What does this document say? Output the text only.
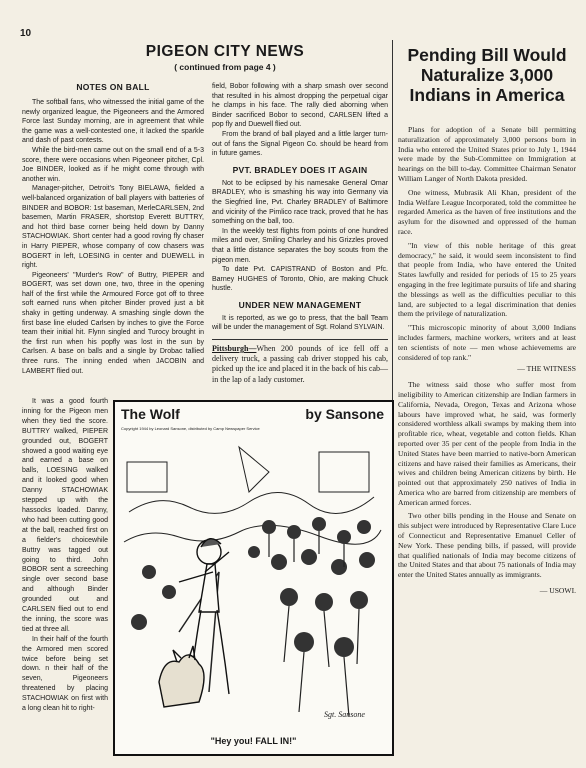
10
PIGEON CITY NEWS
( continued from page 4 )
NOTES ON BALL

The softball fans, who witnessed the initial game of the newly organized league, the Pigeoneers and the Armored Force last Sunday morning, are in agreement that while the game was a well-contested one, it lacked the sparkle and dash of past contests.

While the bird-men came out on the small end of a 5-3 score, there were occasions when Pigeoneer pitcher, Cpl. Joe BINDER, looked as if he might come through with another win.

Manager-pitcher, Detroit's Tony BIELAWA, fielded a well-balanced organization of ball players with batteries of BINDER and BOBOR: 1st baseman, MerleCARLSEN, 2nd basemen, Martin FRASER, shortstop Everett BUTTRY, and hot third base corner being held down by Danny STACHOWIAK. Short center had a good roving fly chaser in Harry PIEPER, whose company of cow chasers was BOGERT in left, LOESING in center and DUEWELL in right.

Pigeoneers' "Murder's Row" of Buttry, PIEPER and BOGERT, was set down one, two, three in the opening half of the first while the Armoured Force got off to three soft earned runs when pitcher Binder proved just a bit shaky in getting underway. A smashing single down the first base line eluded Carlsen by inches to give the Force team their initial hit. Flynn singled and Turocy brought in the first run when his popfly was lost in the sun by Carlsen. A base on balls and a single by Drobac tallied three runs. The inning ended when JACOBIN and LAMBERT flied out.

It was a good fourth inning for the Pigeon men when they tied the score. BUTTRY walked, PIEPER grounded out, BOGERT showed a good waiting eye and earned a base on balls, LOESING walked and it looked good when Danny STACHOWIAK stepped up with the hassocks loaded. Danny, who had been cutting good at the ball, reached first on a fielder's choicewhile Buttry was tagged out going to third. John BOBOR sent a screeching single over second base and although Binder grounded out and CARLSEN flied out to end the inning, the score was tied at three all.

In their half of the fourth the Armored men scored twice before being set down. n their half of the seven, Pigeoneers threatened by placing STACHOWIAK on first with a long clean hit to right-

field, Bobor following with a sharp smash over second that resulted in his almost dropping the perpetual cigar he clamps in his face. The rally died aborning when Binder sacrificed Bobor to second, CARLSEN lifted a pop fly and Duewell flied out.

From the brand of ball played and a little larger turn-out of fans the Signal Pigeon Co. should be heard from in future games.

PVT. BRADLEY DOES IT AGAIN

Not to be eclipsed by his namesake General Omar BRADLEY, who is smashing his way into Germany via the Siegfried line, Pvt. Charley BRADLEY of Baltimore and vicinity of the Pimlico race track, proved that he has something on the ball, too.

In the weekly test flights from points of one hundred miles and over, Smiling Charley and his Grizzles proved that a little distance separates the boy scouts from the pigeon men.

To date Pvt. CAPISTRAND of Boston and Pfc. Barney HUGHES of Toronto, Ohio, are making Chuck hustle.

UNDER NEW MANAGEMENT

It is reported, as we go to press, that the ball Team will be under the management of Sgt. Roland SYLVAIN.

Pittsburgh—When 200 pounds of ice fell off a delivery truck, a passing cab driver stopped his cab, picked up the ice and placed it in the back of his cab—in the lap of a lady customer.
The Wolf	by Sansone
Copyright 1944 by Leonard Sansone, distributed by Camp Newspaper Service
Sgt. Sansone
"Hey you! FALL IN!"
Pending Bill Would Naturalize 3,000 Indians in America

Plans for adoption of a Senate bill permitting naturalization of approximately 3,000 persons born in India who entered the United States prior to July 1, 1944 were made by the Sub-Committee on Immigration at hearings on the bill to-day. Committee Chairman Senator William Langer of North Dakota presided.

One witness, Mubrasik Ali Khan, president of the India Welfare League Incorporated, told the committee he regarded America as the haven of free institutions and the asylum for the disowned and oppressed of the human race.

"In view of this noble heritage of this great democracy," he said, it would seem inconsistent to find that people from India, who have entered the United States lawfully and resided for periods of 15 to 25 years engaging in the free legitimate pursuits of life and sharing the blessings as well as the difficulties peculiar to this land, are subjected to a legal discrimination that denies them the privilege of naturalization.

"This microscopic minority of about 3,000 Indians includes farmers, machine workers, writers and at least ten scientists of note — men whose achievemems are considered of top rank."

— THE WITNESS

The witness said those who suffer most from ineligibility to American citizenship are Indian farmers in California, Nevada, Oregon, Texas and Arizona whose labours have improved what, he said, was formerly considered worthless alkali swamps by making them into profitable rice, wheat, vegetable and cotton fields. Khan reported over 35 per cent of the people from India in the United States have been married to native-born American citizens and have raised their families as Americans, their wives and children being American citizens by birth. He pointed out that approximately 250 natives of India in America who are barred from citizenship are members of American armed forces.

Two other bills pending in the House and Senate on this subject were introduced by Representative Clare Luce of Connecticut and Representative Emanuel Celler of New York. These pending bills, if passed, will provide that qualified nationals of India may become citizens of the United States and that about 75 nationals of India may enter the United States annually as immigrants.

— USOWI.
